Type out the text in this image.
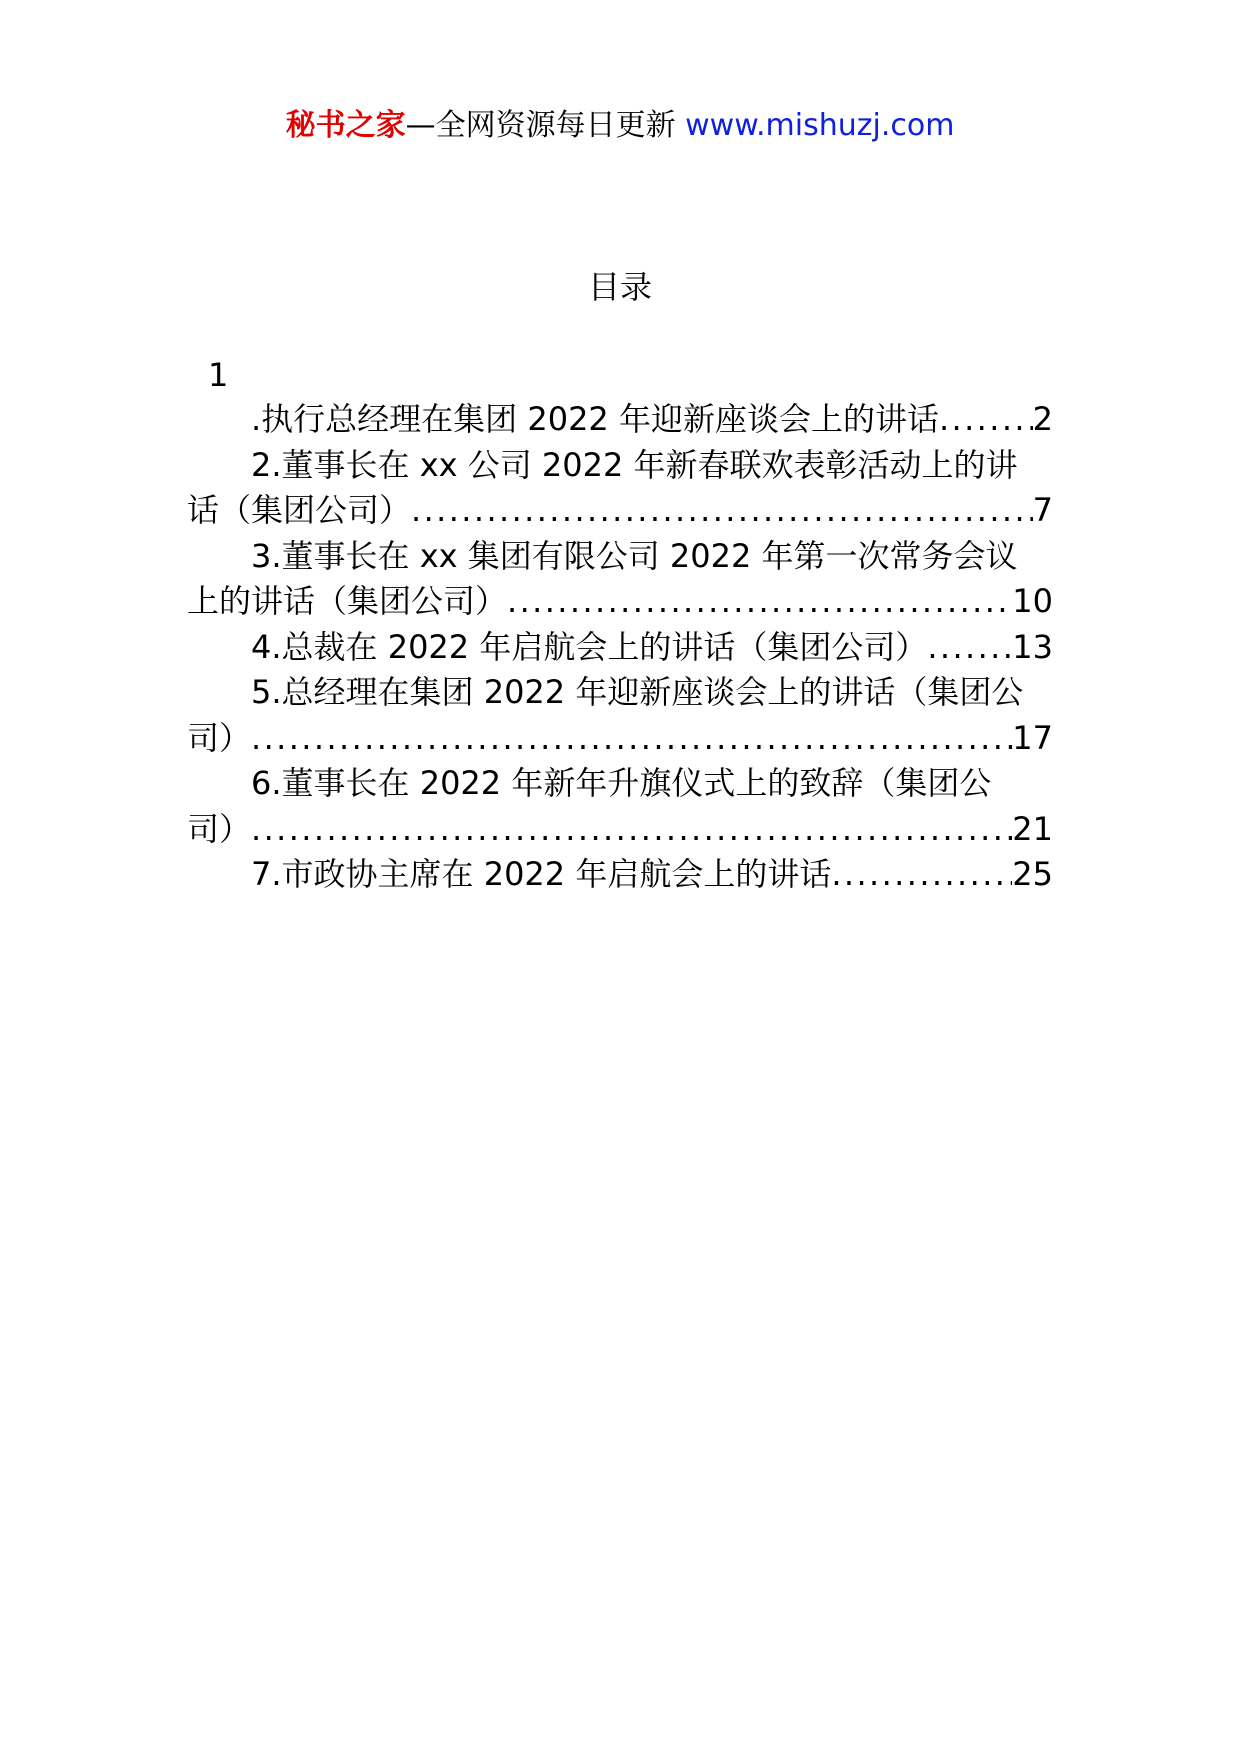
秘书之家—全网资源每日更新 www.mishuzj.com
目录
1
.执行总经理在集团 2022 年迎新座谈会上的讲话 .....	2
2.董事长在 xx 公司 2022 年新春联欢表彰活动上的讲
话（集团公司） .....	7
3.董事长在 xx 集团有限公司 2022 年第一次常务会议
上的讲话（集团公司） .....	10
4.总裁在 2022 年启航会上的讲话（集团公司） .....	13
5.总经理在集团 2022 年迎新座谈会上的讲话（集团公
司） .....	17
6.董事长在 2022 年新年升旗仪式上的致辞（集团公
司） .....	21
7.市政协主席在 2022 年启航会上的讲话 .....	25
